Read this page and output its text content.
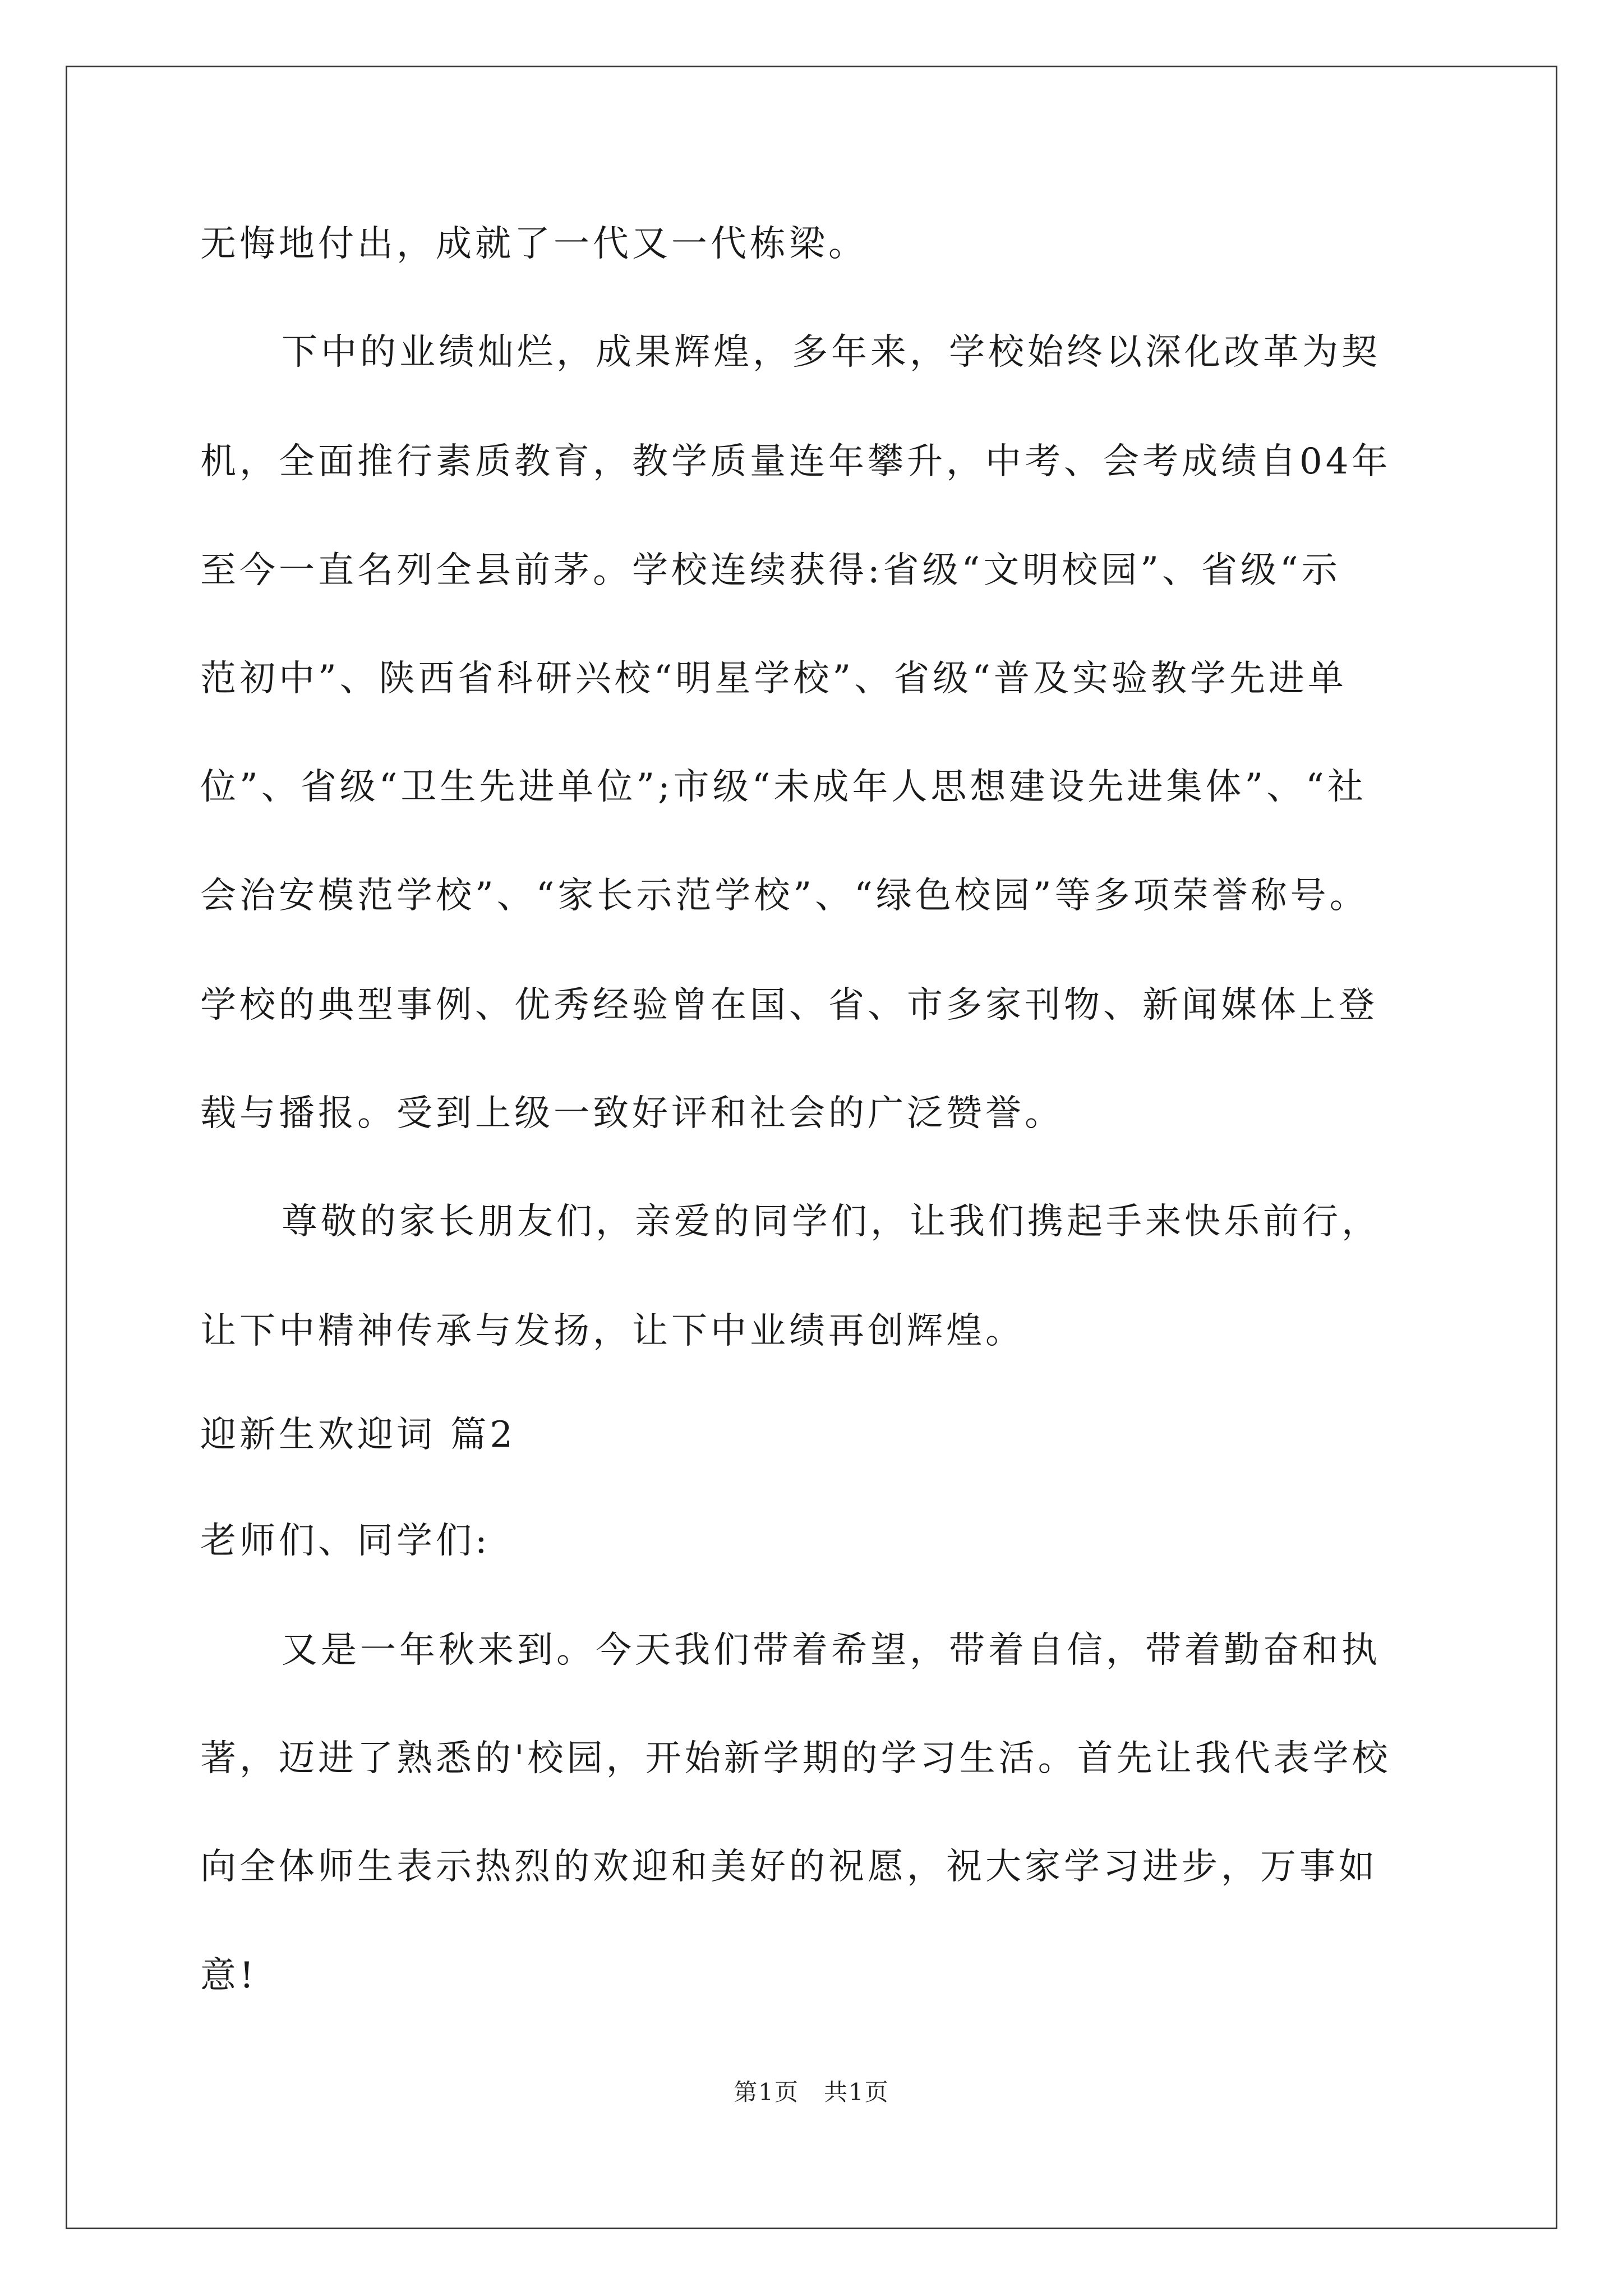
无悔地付出，成就了一代又一代栋梁。
下中的业绩灿烂，成果辉煌，多年来，学校始终以深化改革为契
机，全面推行素质教育，教学质量连年攀升，中考、会考成绩自04年
至今一直名列全县前茅。学校连续获得:省级“文明校园”、省级“示
范初中”、陕西省科研兴校“明星学校”、省级“普及实验教学先进单
位”、省级“卫生先进单位”;市级“未成年人思想建设先进集体”、“社
会治安模范学校”、“家长示范学校”、“绿色校园”等多项荣誉称号。
学校的典型事例、优秀经验曾在国、省、市多家刊物、新闻媒体上登
载与播报。受到上级一致好评和社会的广泛赞誉。
尊敬的家长朋友们，亲爱的同学们，让我们携起手来快乐前行，
让下中精神传承与发扬，让下中业绩再创辉煌。
迎新生欢迎词 篇2
老师们、同学们:
又是一年秋来到。今天我们带着希望，带着自信，带着勤奋和执
著，迈进了熟悉的'校园，开始新学期的学习生活。首先让我代表学校
向全体师生表示热烈的欢迎和美好的祝愿，祝大家学习进步，万事如
意!
第1页　共1页
